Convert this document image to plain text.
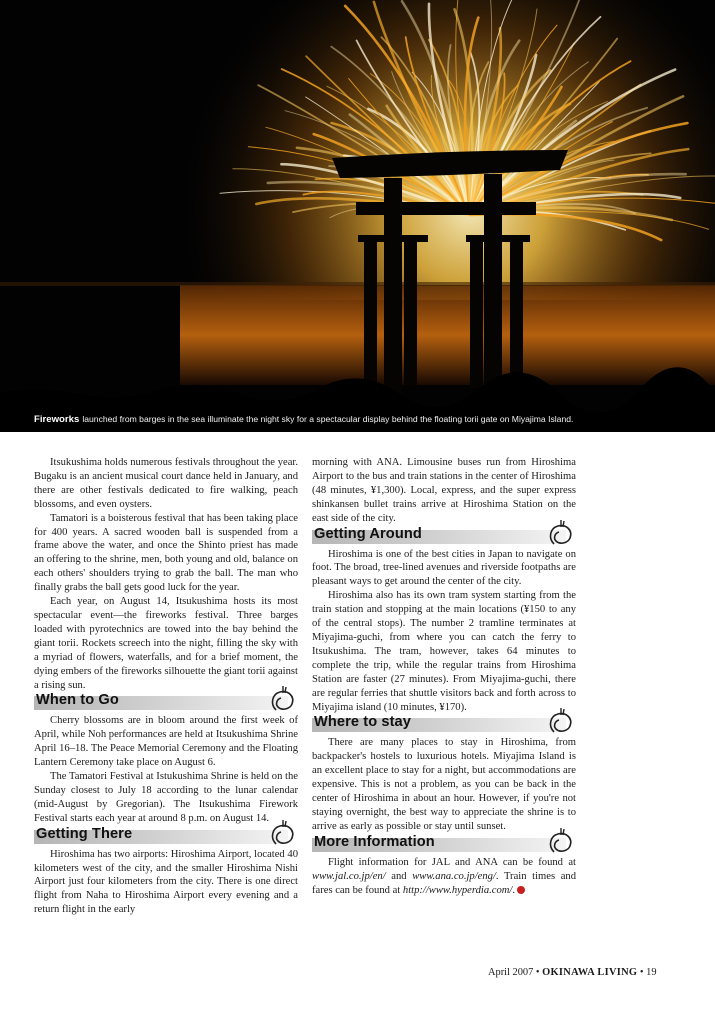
Fireworks launched from barges in the sea illuminate the night sky for a spectacular display behind the floating torii gate on Miyajima Island.

Itsukushima holds numerous festivals throughout the year. Bugaku is an ancient musical court dance held in January, and there are other festivals dedicated to fire walking, peach blossoms, and even oysters.

Tamatori is a boisterous festival that has been taking place for 400 years. A sacred wooden ball is suspended from a frame above the water, and once the Shinto priest has made an offering to the shrine, men, both young and old, balance on each others' shoulders trying to grab the ball. The man who finally grabs the ball gets good luck for the year.

Each year, on August 14, Itsukushima hosts its most spectacular event—the fireworks festival. Three barges loaded with pyrotechnics are towed into the bay behind the giant torii. Rockets screech into the night, filling the sky with a myriad of flowers, waterfalls, and for a brief moment, the dying embers of the fireworks silhouette the giant torii against a rising sun.

When to Go

Cherry blossoms are in bloom around the first week of April, while Noh performances are held at Itsukushima Shrine April 16–18. The Peace Memorial Ceremony and the Floating Lantern Ceremony take place on August 6.

The Tamatori Festival at Istukushima Shrine is held on the Sunday closest to July 18 according to the lunar calendar (mid-August by Gregorian). The Itsukushima Firework Festival starts each year at around 8 p.m. on August 14.

Getting There

Hiroshima has two airports: Hiroshima Airport, located 40 kilometers west of the city, and the smaller Hiroshima Nishi Airport just four kilometers from the city. There is one direct flight from Naha to Hiroshima Airport every evening and a return flight in the early

morning with ANA. Limousine buses run from Hiroshima Airport to the bus and train stations in the center of Hiroshima (48 minutes, ¥1,300). Local, express, and the super express shinkansen bullet trains arrive at Hiroshima Station on the east side of the city.

Getting Around

Hiroshima is one of the best cities in Japan to navigate on foot. The broad, tree-lined avenues and riverside footpaths are pleasant ways to get around the center of the city.

Hiroshima also has its own tram system starting from the train station and stopping at the main locations (¥150 to any of the central stops). The number 2 tramline terminates at Miyajima-guchi, from where you can catch the ferry to Itsukushima. The tram, however, takes 64 minutes to complete the trip, while the regular trains from Hiroshima Station are faster (27 minutes). From Miyajima-guchi, there are regular ferries that shuttle visitors back and forth across to Miyajima island (10 minutes, ¥170).

Where to stay

There are many places to stay in Hiroshima, from backpacker's hostels to luxurious hotels. Miyajima Island is an excellent place to stay for a night, but accommodations are expensive. This is not a problem, as you can be back in the center of Hiroshima in about an hour. However, if you're not staying overnight, the best way to appreciate the shrine is to arrive as early as possible or stay until sunset.

More Information

Flight information for JAL and ANA can be found at www.jal.co.jp/en/ and www.ana.co.jp/eng/. Train times and fares can be found at http://www.hyperdia.com/.

April 2007 • OKINAWA LIVING • 19
